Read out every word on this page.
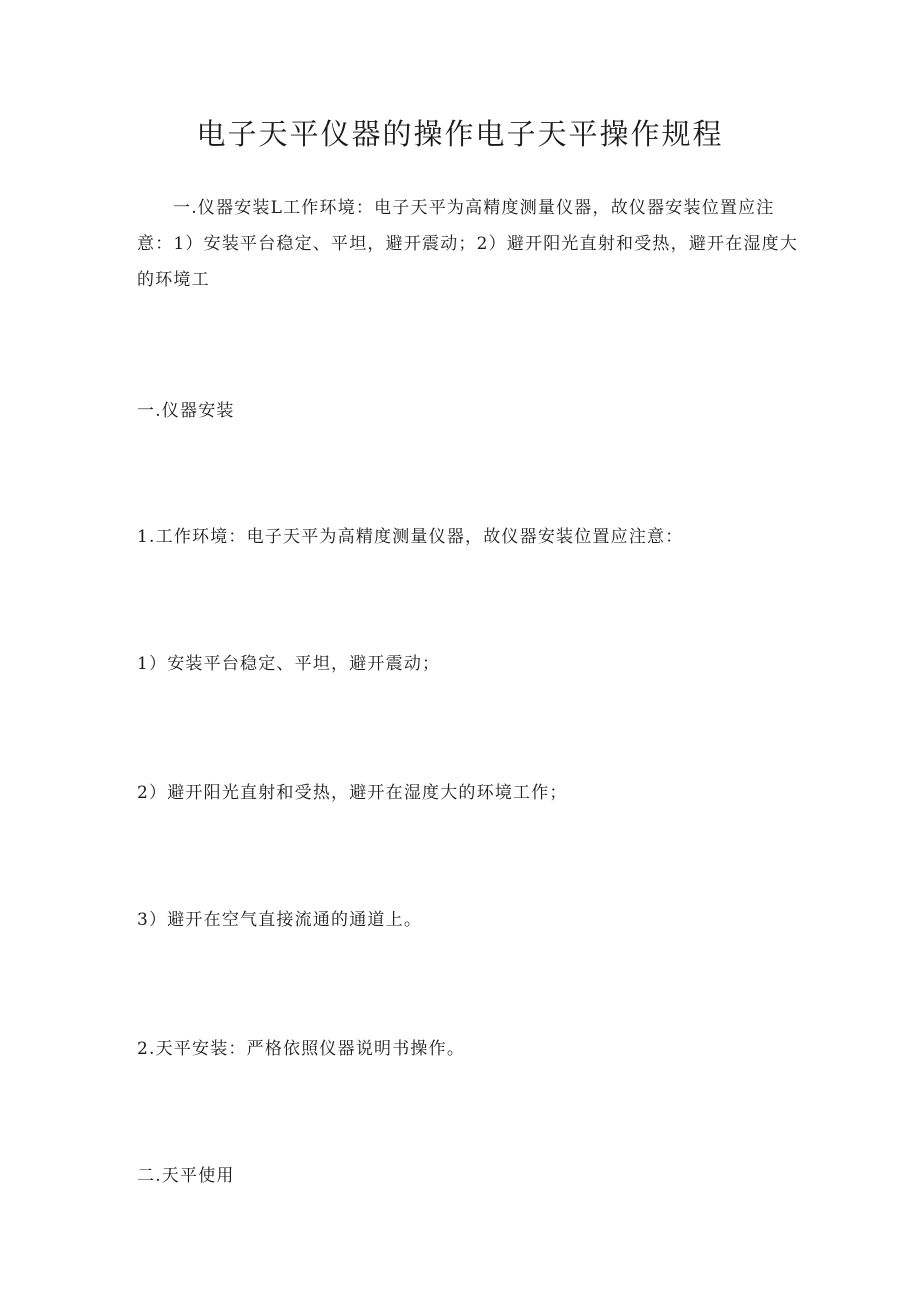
电子天平仪器的操作电子天平操作规程

一.仪器安装L工作环境：电子天平为高精度测量仪器，故仪器安装位置应注意：1）安装平台稳定、平坦，避开震动；2）避开阳光直射和受热，避开在湿度大的环境工

一.仪器安装

1.工作环境：电子天平为高精度测量仪器，故仪器安装位置应注意：

1）安装平台稳定、平坦，避开震动；

2）避开阳光直射和受热，避开在湿度大的环境工作；

3）避开在空气直接流通的通道上。

2.天平安装：严格依照仪器说明书操作。

二.天平使用
